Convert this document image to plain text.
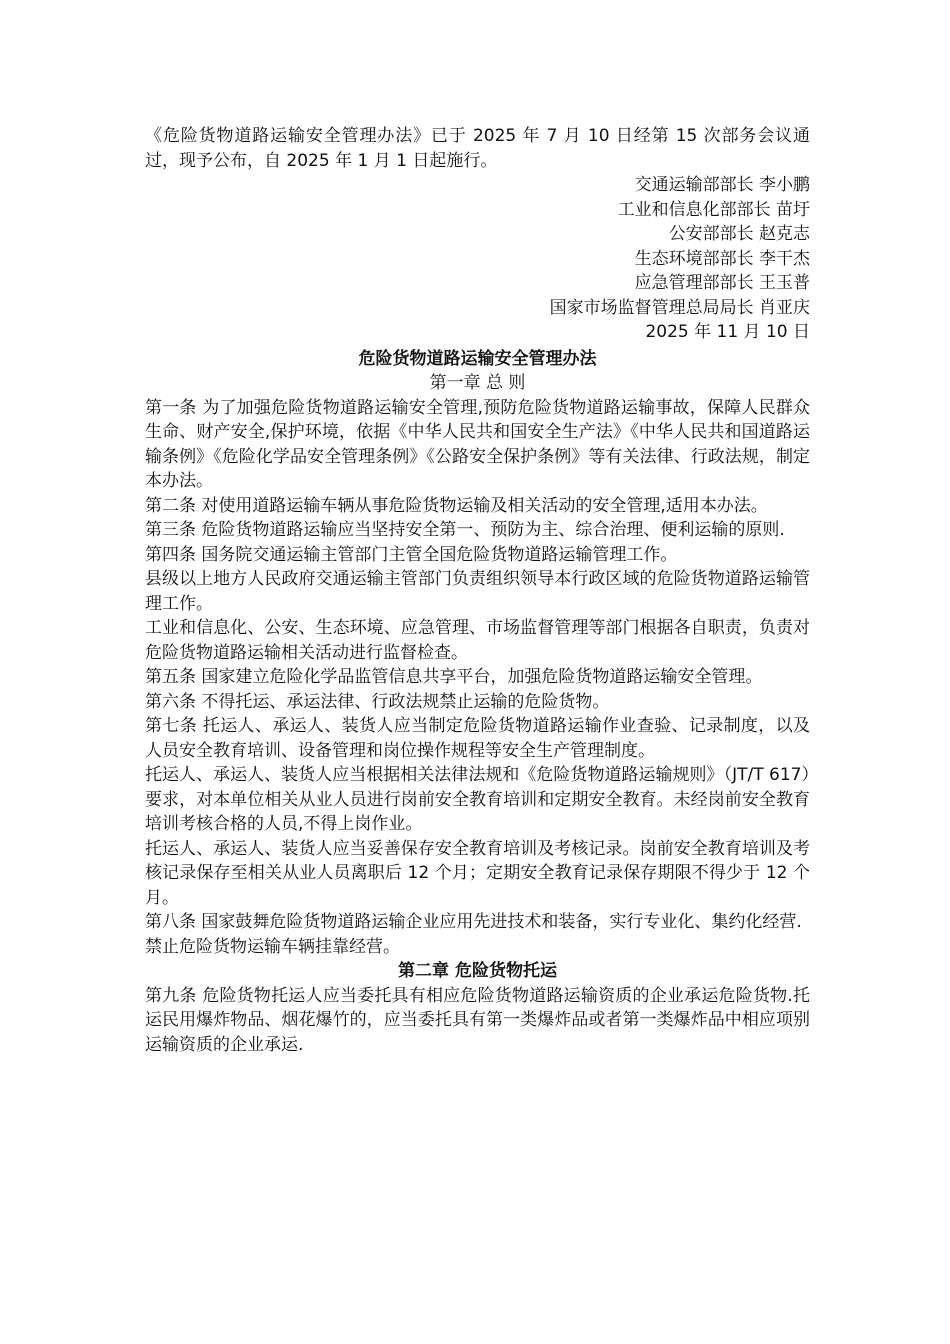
《危险货物道路运输安全管理办法》已于 2025 年 7 月 10 日经第 15 次部务会议通过，现予公布，自 2025 年 1 月 1 日起施行。

交通运输部部长 李小鹏

工业和信息化部部长 苗圩

公安部部长 赵克志

生态环境部部长 李干杰

应急管理部部长 王玉普

国家市场监督管理总局局长 肖亚庆

2025 年 11 月 10 日

危险货物道路运输安全管理办法

第一章 总 则

第一条 为了加强危险货物道路运输安全管理,预防危险货物道路运输事故，保障人民群众生命、财产安全,保护环境，依据《中华人民共和国安全生产法》《中华人民共和国道路运输条例》《危险化学品安全管理条例》《公路安全保护条例》等有关法律、行政法规，制定本办法。

第二条 对使用道路运输车辆从事危险货物运输及相关活动的安全管理,适用本办法。

第三条 危险货物道路运输应当坚持安全第一、预防为主、综合治理、便利运输的原则.

第四条 国务院交通运输主管部门主管全国危险货物道路运输管理工作。

县级以上地方人民政府交通运输主管部门负责组织领导本行政区域的危险货物道路运输管理工作。

工业和信息化、公安、生态环境、应急管理、市场监督管理等部门根据各自职责，负责对危险货物道路运输相关活动进行监督检查。

第五条 国家建立危险化学品监管信息共享平台，加强危险货物道路运输安全管理。

第六条 不得托运、承运法律、行政法规禁止运输的危险货物。

第七条 托运人、承运人、装货人应当制定危险货物道路运输作业查验、记录制度，以及人员安全教育培训、设备管理和岗位操作规程等安全生产管理制度。

托运人、承运人、装货人应当根据相关法律法规和《危险货物道路运输规则》（JT/T 617）要求，对本单位相关从业人员进行岗前安全教育培训和定期安全教育。未经岗前安全教育培训考核合格的人员,不得上岗作业。

托运人、承运人、装货人应当妥善保存安全教育培训及考核记录。岗前安全教育培训及考核记录保存至相关从业人员离职后 12 个月；定期安全教育记录保存期限不得少于 12 个月。

第八条 国家鼓舞危险货物道路运输企业应用先进技术和装备，实行专业化、集约化经营.

禁止危险货物运输车辆挂靠经营。

第二章 危险货物托运

第九条 危险货物托运人应当委托具有相应危险货物道路运输资质的企业承运危险货物.托运民用爆炸物品、烟花爆竹的，应当委托具有第一类爆炸品或者第一类爆炸品中相应项别运输资质的企业承运.
